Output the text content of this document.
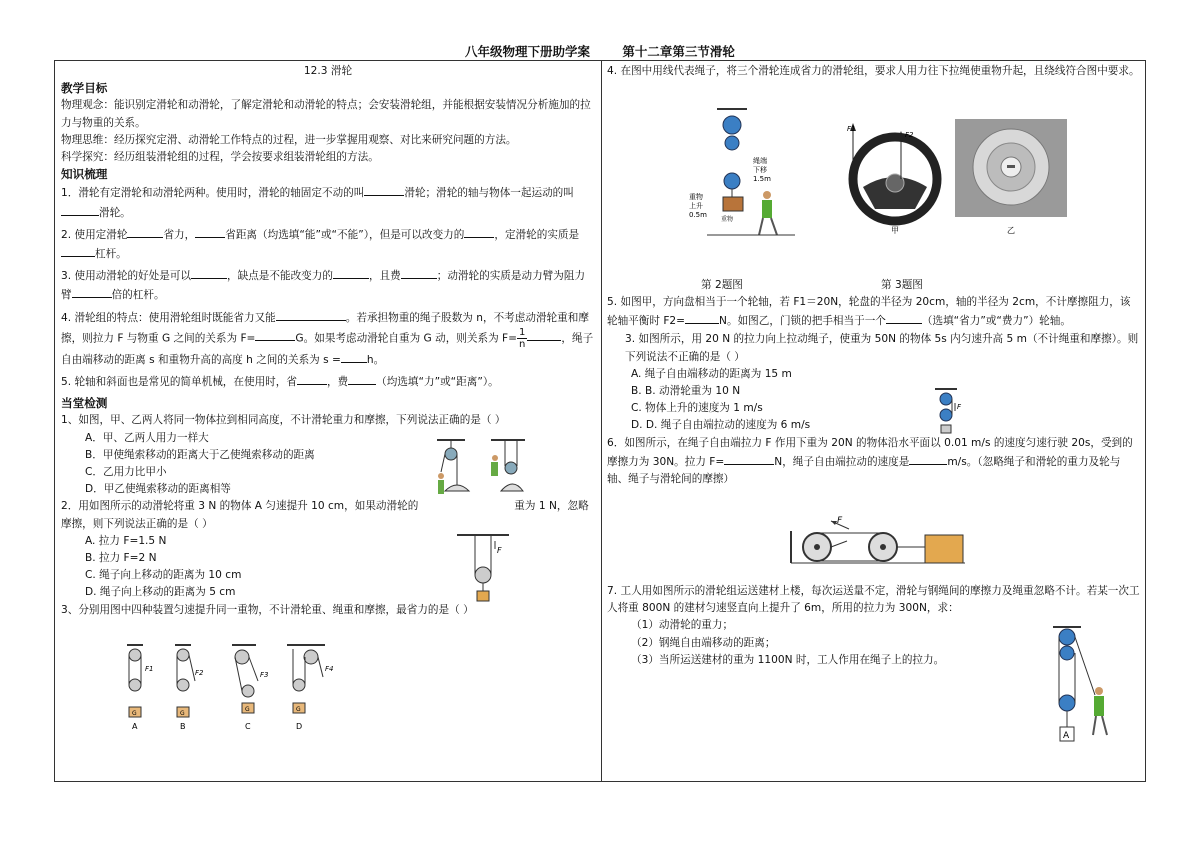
八年级物理下册助学案	第十二章第三节滑轮
12.3 滑轮
教学目标
物理观念：能识别定滑轮和动滑轮，了解定滑轮和动滑轮的特点；会安装滑轮组，并能根据安装情况分析施加的拉力与物重的关系。
物理思维：经历探究定滑、动滑轮工作特点的过程，进一步掌握用观察、对比来研究问题的方法。
科学探究：经历组装滑轮组的过程，学会按要求组装滑轮组的方法。
知识梳理
1．滑轮有定滑轮和动滑轮两种。使用时，滑轮的轴固定不动的叫	滑轮；滑轮的轴与物体一起运动的叫滑轮。
2. 使用定滑轮	省力，	省距离（均选填“能”或“不能”），但是可以改变力的	，定滑轮的实质是杠杆。
3. 使用动滑轮的好处是可以	，缺点是不能改变力的	，且费	；动滑轮的实质是动力臂为阻力臂	倍的杠杆。
4. 滑轮组的特点：使用滑轮组时既能省力又能	。若承担物重的绳子股数为 n，不考虑动滑轮重和摩擦，则拉力 F 与物重 G 之间的关系为 F=	G。如果考虑动滑轮自重为 G 动，则关系为 $F= \frac{1}{n}$	，绳子自由端移动的距离 s 和重物升高的高度 h 之间的关系为 s = h。
5. 轮轴和斜面也是常见的简单机械，在使用时，省	，费	（均选填“力”或“距离”）。
当堂检测
1、如图，甲、乙两人将同一物体拉到相同高度，不计滑轮重力和摩擦，下列说法正确的是（ ）
A．甲、乙两人用力一样大
B．甲使绳索移动的距离大于乙使绳索移动的距离
C．乙用力比甲小
D．甲乙使绳索移动的距离相等
2．用如图所示的动滑轮将重 3 N 的物体 A 匀速提升 10 cm，如果动滑轮的	重为 1 N，忽略摩擦，则下列说法正确的是（ ）
A. 拉力 F=1.5 N
B. 拉力 F=2 N
C. 绳子向上移动的距离为 10 cm
D. 绳子向上移动的距离为 5 cm
3、分别用图中四种装置匀速提升同一重物，不计滑轮重、绳重和摩擦，最省力的是（ ）
F
G
F1
A
G
F2
B
G
F3
C
G
F4
D
4. 在图中用线代表绳子，将三个滑轮连成省力的滑轮组，要求人用力往下拉绳使重物升起，且绕线符合图中要求。
绳端
下移
1.5m
重物
上升
0.5m
重物
F1
F2
甲	乙
第 2题图	第 3题图
5. 如图甲，方向盘相当于一个轮轴，若 F1＝20N，轮盘的半径为 20cm，轴的半径为 2cm，不计摩擦阻力，该轮轴平衡时 F2=	N。如图乙，门锁的把手相当于一个	（选填“省力”或“费力”）轮轴。
3. 如图所示，用 20 N 的拉力向上拉动绳子，使重为 50N 的物体 5s 内匀速升高 5 m（不计绳重和摩擦）。则下列说法不正确的是（ ）
A. 绳子自由端移动的距离为 15 m
B. B. 动滑轮重为 10 N
C. 物体上升的速度为 1 m/s
D. D. 绳子自由端拉动的速度为 6 m/s
6．如图所示，在绳子自由端拉力 F 作用下重为 20N 的物体沿水平面以 0.01 m/s 的速度匀速行驶 20s，受到的摩擦力为 30N。拉力 F=	N，绳子自由端拉动的速度是	m/s。（忽略绳子和滑轮的重力及轮与轴、绳子与滑轮间的摩擦）
F
F
7. 工人用如图所示的滑轮组运送建材上楼，每次运送量不定，滑轮与钢绳间的摩擦力及绳重忽略不计。若某一次工人将重 800N 的建材匀速竖直向上提升了 6m，所用的拉力为 300N，求：
（1）动滑轮的重力；
（2）钢绳自由端移动的距离；
（3）当所运送建材的重为 1100N 时，工人作用在绳子上的拉力。
A
